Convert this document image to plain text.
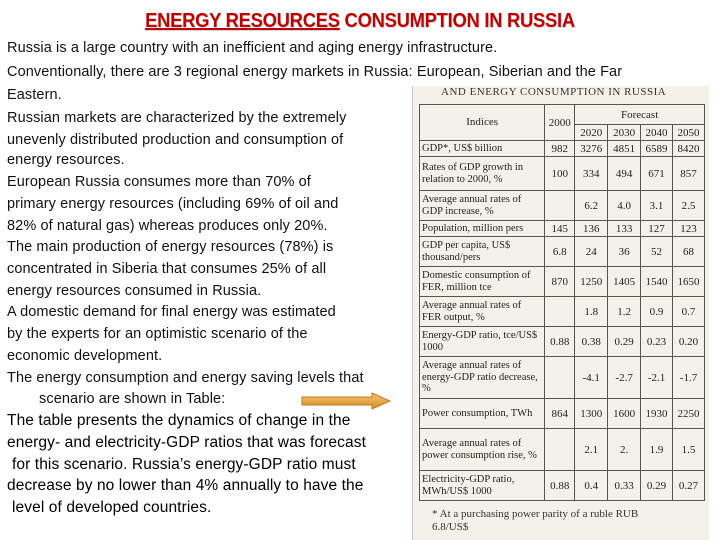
ENERGY RESOURCES CONSUMPTION IN RUSSIA
Russia is a large country with an inefficient and aging energy infrastructure.
Conventionally, there are 3 regional energy markets in Russia: European, Siberian and the Far
Eastern.
Russian markets are characterized by the extremely
unevenly distributed production and consumption of
energy resources.
European Russia consumes more than 70% of
primary energy resources (including 69% of oil and
82% of natural gas) whereas produces only 20%.
The main production of energy resources (78%) is
concentrated in Siberia that consumes 25% of all
energy resources consumed in Russia.
A domestic demand for final energy was estimated
by the experts for an optimistic scenario of the
economic development.
The energy consumption and energy saving levels that
scenario are shown in Table:
The table presents the dynamics of change in the
energy- and electricity-GDP ratios that was forecast
for this scenario. Russia’s energy-GDP ratio must
decrease by no lower than 4% annually to have the
level of developed countries.
AND ENERGY CONSUMPTION IN RUSSIA
Indices	2000	Forecast			
		2020	2030	2040	2050
GDP*, US$ billion	982	3276	4851	6589	8420
Rates of GDP growth in relation to 2000, %	100	334	494	671	857
Average annual rates of GDP increase, %		6.2	4.0	3.1	2.5
Population, million pers	145	136	133	127	123
GDP per capita, US$ thousand/pers	6.8	24	36	52	68
Domestic consumption of FER, million tce	870	1250	1405	1540	1650
Average annual rates of FER output, %		1.8	1.2	0.9	0.7
Energy-GDP ratio, tce/US$ 1000	0.88	0.38	0.29	0.23	0.20
Average annual rates of energy-GDP ratio decrease, %		-4.1	-2.7	-2.1	-1.7
Power consumption, TWh	864	1300	1600	1930	2250
Average annual rates of power consumption rise, %		2.1	2.	1.9	1.5
Electricity-GDP ratio, MWh/US$ 1000	0.88	0.4	0.33	0.29	0.27
* At a purchasing power parity of a ruble RUB
6.8/US$
